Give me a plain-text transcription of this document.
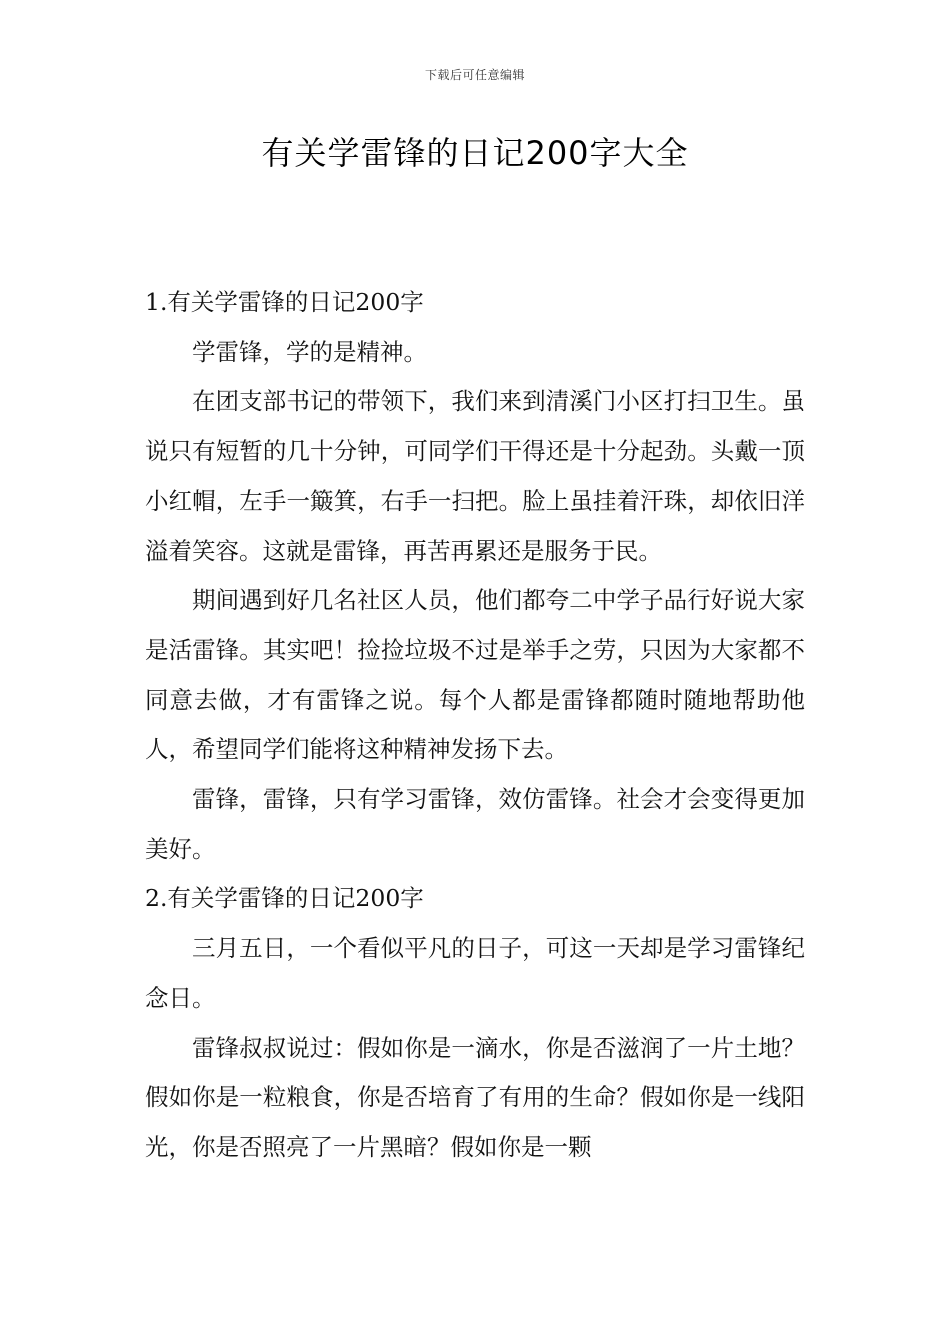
下载后可任意编辑
有关学雷锋的日记200字大全

1.有关学雷锋的日记200字

学雷锋，学的是精神。

在团支部书记的带领下，我们来到清溪门小区打扫卫生。虽说只有短暂的几十分钟，可同学们干得还是十分起劲。头戴一顶小红帽，左手一簸箕，右手一扫把。脸上虽挂着汗珠，却依旧洋溢着笑容。这就是雷锋，再苦再累还是服务于民。

期间遇到好几名社区人员，他们都夸二中学子品行好说大家是活雷锋。其实吧！捡捡垃圾不过是举手之劳，只因为大家都不同意去做，才有雷锋之说。每个人都是雷锋都随时随地帮助他人，希望同学们能将这种精神发扬下去。

雷锋，雷锋，只有学习雷锋，效仿雷锋。社会才会变得更加美好。

2.有关学雷锋的日记200字

三月五日，一个看似平凡的日子，可这一天却是学习雷锋纪念日。

雷锋叔叔说过：假如你是一滴水，你是否滋润了一片土地？假如你是一粒粮食，你是否培育了有用的生命？假如你是一线阳光，你是否照亮了一片黑暗？假如你是一颗
